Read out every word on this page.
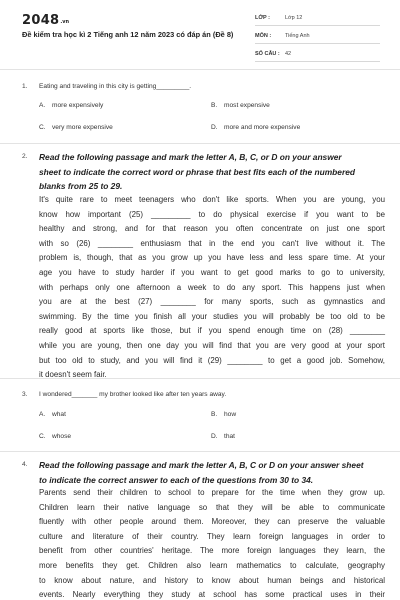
2048.vn
Đề kiểm tra học kì 2 Tiếng anh 12 năm 2023 có đáp án (Đề 8)
LỚP :	Lớp 12
MÔN :	Tiếng Anh
SỐ CÂU : 42
1. Eating and traveling in this city is getting_________.
A. more expensively	B. most expensive
C. very more expensive	D. more and more expensive
2. Read the following passage and mark the letter A, B, C, or D on your answer
sheet to indicate the correct word or phrase that best fits each of the numbered
blanks from 25 to 29.
It's quite rare to meet teenagers who don't like sports. When you are young, you
know how important (25) _________ to do physical exercise if you want to be
healthy and strong, and for that reason you often concentrate on just one sport
with so (26) ________ enthusiasm that in the end you can't live without it. The
problem is, though, that as you grow up you have less and less spare time. At your
age you have to study harder if you want to get good marks to go to university,
with perhaps only one afternoon a week to do any sport. This happens just when
you are at the best (27) ________ for many sports, such as gymnastics and
swimming. By the time you finish all your studies you will probably be too old to be
really good at sports like those, but if you spend enough time on (28) ________
while you are young, then one day you will find that you are very good at your sport
but too old to study, and you will find it (29) ________ to get a good job. Somehow,
it doesn't seem fair.
3. I wondered_______ my brother looked like after ten years away.
A. what	B. how
C. whose	D. that
4. Read the following passage and mark the letter A, B, C or D on your answer sheet
to indicate the correct answer to each of the questions from 30 to 34.
Parents send their children to school to prepare for the time when they grow up.
Children learn their native language so that they will be able to communicate
fluently with other people around them. Moreover, they can preserve the valuable
culture and literature of their country. They learn foreign languages in order to
benefit from other countries' heritage. The more foreign languages they learn, the
more benefits they get. Children also learn mathematics to calculate, geography
to know about nature, and history to know about human beings and historical
events. Nearly everything they study at school has some practical uses in their
